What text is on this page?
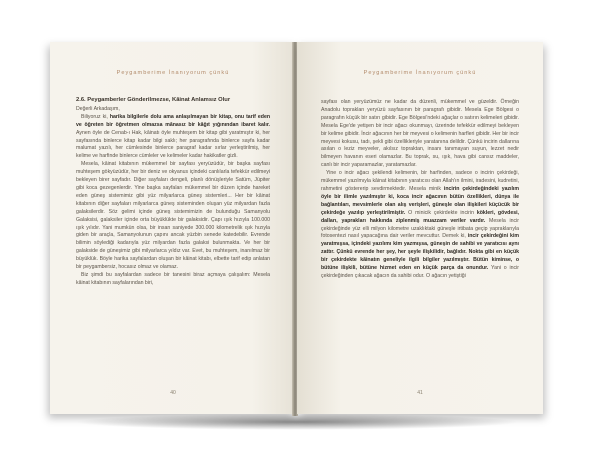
Peygamberime İnanıyorum çünkü
2.6. Peygamberler Gönderilmezse, Kâinat Anlamsız Olur

Değerli Arkadaşım,

Biliyoruz ki, harika bilgilerle dolu ama anlaşılmayan bir kitap, onu tarif eden ve öğreten bir öğretmen olmazsa mânasız bir kâğıt yığınından ibaret kalır. Aynen öyle de Cenab-ı Hak, kâinatı öyle muhteşem bir kitap gibi yaratmıştır ki, her sayfasında binlerce kitap kadar bilgi saklı; her paragrafında binlerce sayfa kadar malumat yazılı, her cümlesinde binlerce paragraf kadar sırlar yerleştirilmiş, her kelime ve harfinde binlerce cümleler ve kelimeler kadar hakikatler gizli.

Mesela, kâinat kitabının mükemmel bir sayfası yeryüzüdür, bir başka sayfası muhteşem gökyüzüdür, her bir deniz ve okyanus içindeki canlılarla tefekkür edilmeyi bekleyen birer sayfadır. Diğer sayfaları dengeli, planlı dönüşleriyle Satürn, Jüpiter gibi koca gezegenlerdir. Yine başka sayfaları mükemmel bir düzen içinde hareket eden güneş sistemimiz gibi yüz milyarlarca güneş sistemleri... Her bir kâinat kitabının diğer sayfaları milyarlarca güneş sisteminden oluşan yüz milyardan fazla galaksilerdir. Söz gelimi içinde güneş sistemimizin de bulunduğu Samanyolu Galaksisi, galaksiler içinde orta büyüklükte bir galaksidir. Çapı ışık hızıyla 100.000 ışık yılıdır. Yani mumkün olsa, bir insan saniyede 300.000 kilometrelik ışık hızıyla giden bir araçla, Samanyolunun çapını ancak yüzbin senede katedebilir. Evrende bilimin söylediği kadarıyla yüz milyardan fazla galaksi bulunmakta. Ve her bir galakside de güneşimiz gibi milyarlarca yıldız var. Evet, bu muhteşem, inanılmaz bir büyüklük. Böyle harika sayfalardan oluşan bir kâinat kitabı, elbette tarif edip anlatan bir peygambersiz, hocasız olmaz ve olamaz.

Biz şimdi bu sayfalardan sadece bir tanesini biraz açmaya çalışalım: Mesela kâinat kitabının sayfalarından biri,

40
Peygamberime İnanıyorum çünkü

sayfası olan yeryüzümüz ne kadar da düzenli, mükemmel ve güzeldir. Örneğin Anadolu toprakları yeryüzü sayfasının bir paragrafı gibidir. Mesela Ege Bölgesi o paragrafın küçük bir satırı gibidir. Ege Bölgesi'ndeki ağaçlar o satırın kelimeleri gibidir. Mesela Ege'de yetişen bir incir ağacı okunmayı, üzerinde tefekkür edilmeyi bekleyen bir kelime gibidir. İncir ağacının her bir meyvesi o kelimenin harfleri gibidir. Her bir incir meyvesi kokusu, tadı, şekli gibi özellikleriyle yaratanına delildir. Çünkü incirin dallarına asılan o leziz meyveler, akılsız topraktan, insanı tanımayan suyun, lezzet nedir bilmeyen havanın eseri olamazlar. Bu toprak, su, ışık, hava gibi cansız maddeler, canlı bir incir yaparamazlar, yaratamazlar.

Yine o incir ağacı şekilendi kelimenin, bir harfinden, sadece o incirin çekirdeği, mükemmel yazılmıyla kâinat kitabının yaratıcısı olan Allah'ın ilmini, iradesini, kudretini, rahmetini göstererip sevdirmektedir. Mesela minik incirin çekirdeğindeki yazılım öyle bir ilimle yazılmıştır ki, koca incir ağacının bütün özellikleri, dünya ile bağlantıları, mevsimlerle olan alış verişleri, güneşle olan ilişkileri küçücük bir çekirdeğe yazılıp yerleştirilmiştir. O minicik çekirdekte incirin kökleri, gövdesi, dalları, yaprakları hakkında ziplenmiş muazzam veriler vardır. Mesela incir çekirdeğinde yüz elli milyon kilometre uzaklıktaki güneşle irtibata geçip yapraklarıyla fotosentezi nasıl yapacağına dair veriler mevcuttur. Demek ki, incir çekirdeğini kim yaratmışsa, içindeki yazılımı kim yazmışsa, güneşin de sahibi ve yaratıcısı aynı zattır. Çünkü evrende her şey, her şeyle ilişkilidir, bağlıdır. Nokta gibi en küçük bir çekirdekte kâinatın geneliyle ilgili bilgiler yazılmıştır. Bütün kiminse, o bütüne ilişkili, bütüne hizmet eden en küçük parça da onundur. Yani o incir çekirdeğinden çıkacak ağacın da sahibi odur. O ağacın yetiştiği

41
